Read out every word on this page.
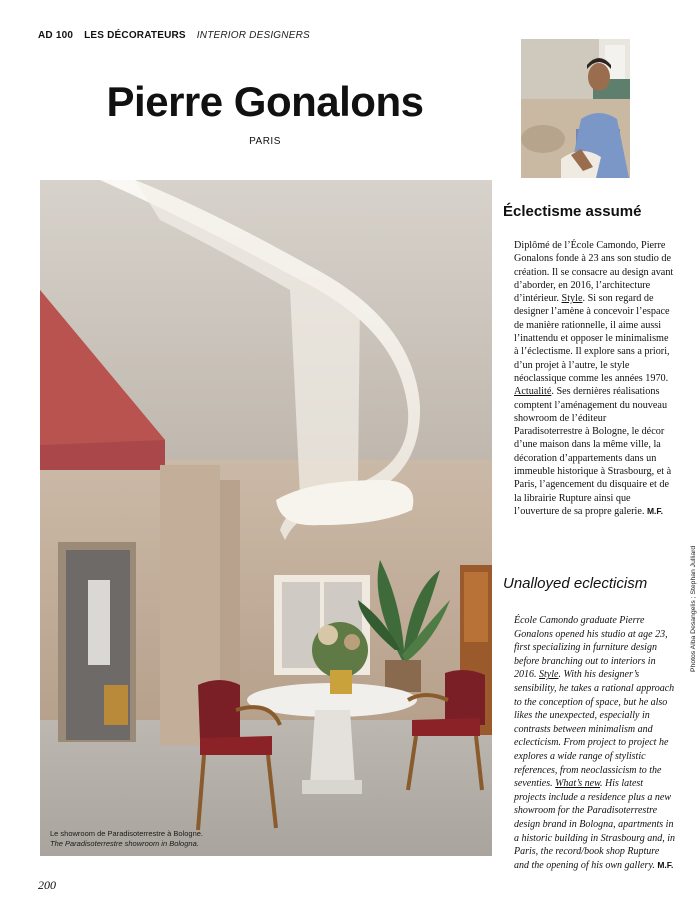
AD 100 LES DÉCORATEURS INTERIOR DESIGNERS
Pierre Gonalons
PARIS
Le showroom de Paradisoterrestre à Bologne.
The Paradisoterrestre showroom in Bologna.
Éclectisme assumé

Diplômé de l’École Camondo, Pierre Gonalons fonde à 23 ans son studio de création. Il se consacre au design avant d’aborder, en 2016, l’architecture d’intérieur. Style. Si son regard de designer l’amène à concevoir l’espace de manière rationnelle, il aime aussi l’inattendu et opposer le minimalisme à l’éclectisme. Il explore sans a priori, d’un projet à l’autre, le style néoclassique comme les années 1970. Actualité. Ses dernières réalisations comptent l’aménagement du nouveau showroom de l’éditeur Paradisoterrestre à Bologne, le décor d’une maison dans la même ville, la décoration d’appartements dans un immeuble historique à Strasbourg, et à Paris, l’agencement du disquaire et de la librairie Rupture ainsi que l’ouverture de sa propre galerie. M.F.

Unalloyed eclecticism

École Camondo graduate Pierre Gonalons opened his studio at age 23, first specializing in furniture design before branching out to interiors in 2016. Style. With his designer’s sensibility, he takes a rational approach to the conception of space, but he also likes the unexpected, especially in contrasts between minimalism and eclecticism. From project to project he explores a wide range of stylistic references, from neoclassicism to the seventies. What’s new. His latest projects include a residence plus a new showroom for the Paradisoterrestre design brand in Bologna, apartments in a historic building in Strasbourg and, in Paris, the record/book shop Rupture and the opening of his own gallery. M.F.

Photos Alba Desangelis ; Stephan Julliard
200
